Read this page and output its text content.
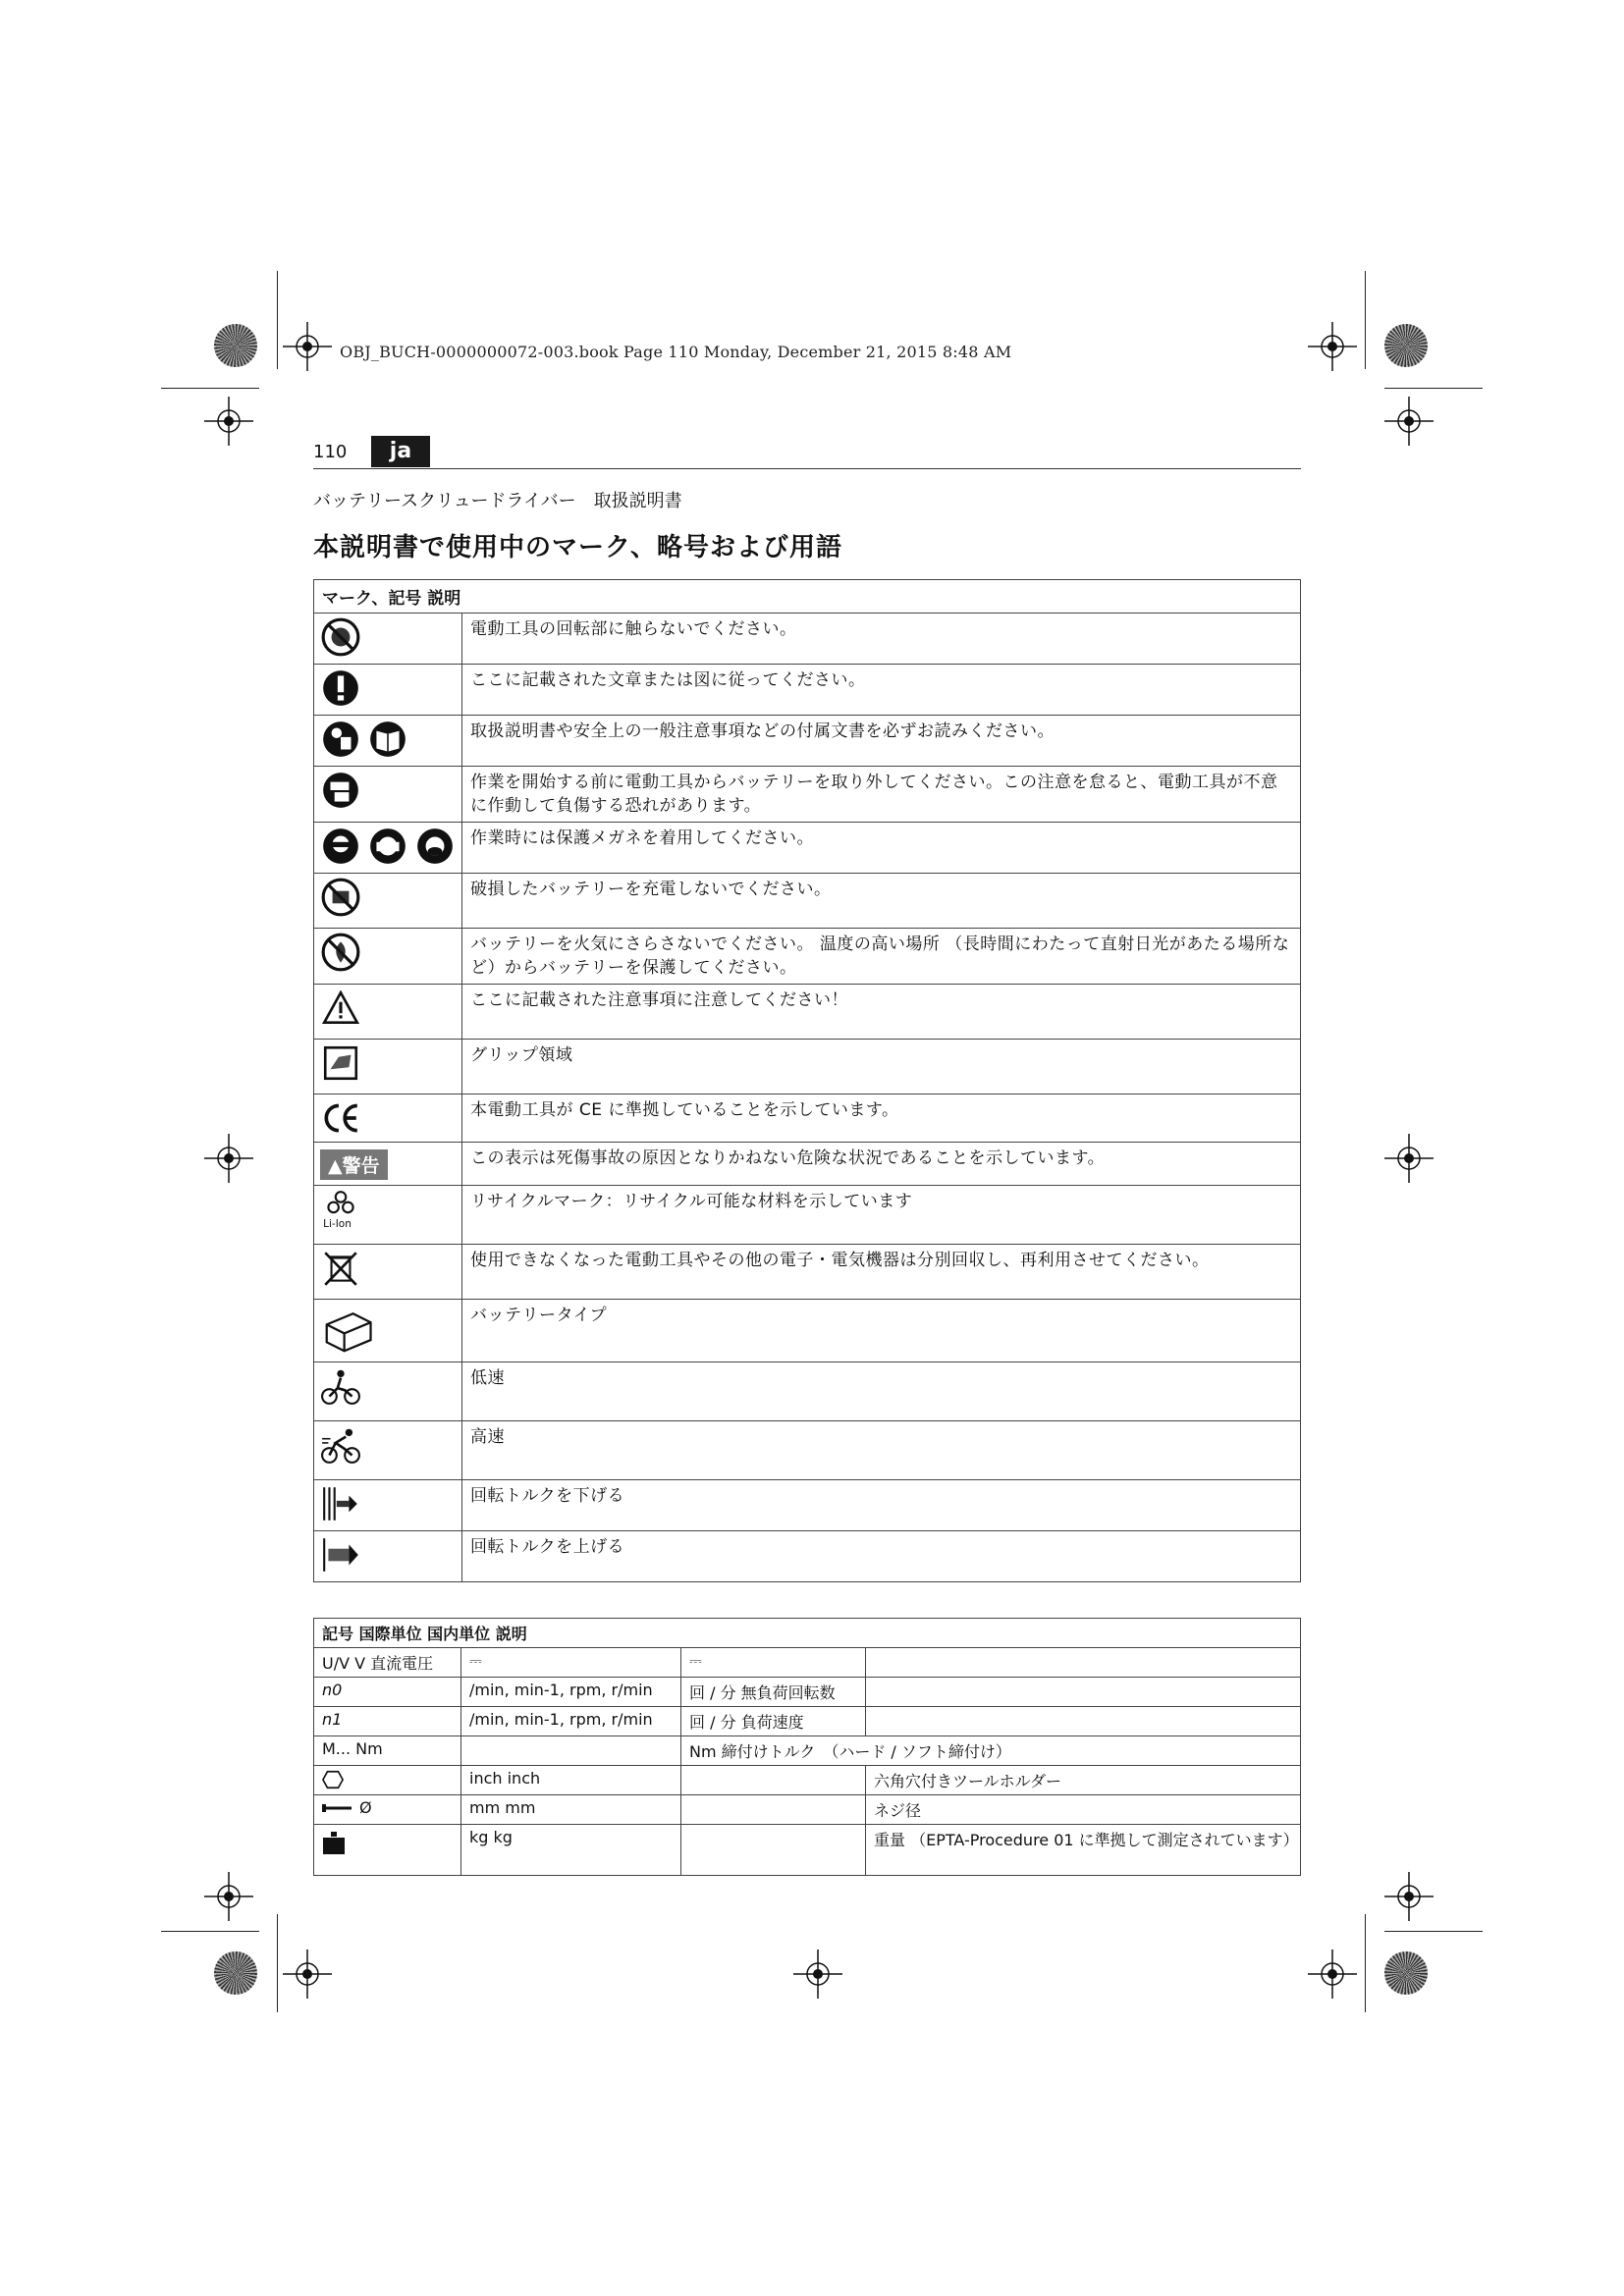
OBJ_BUCH-0000000072-003.book Page 110 Monday, December 21, 2015 8:48 AM
110	ja
バッテリースクリュードライバー　取扱説明書
本説明書で使用中のマーク、略号および用語
マーク、記号 説明	

	電動工具の回転部に触らないでください。

	ここに記載された文章または図に従ってください。

	取扱説明書や安全上の一般注意事項などの付属文書を必ずお読みください。

	作業を開始する前に電動工具からバッテリーを取り外してください。この注意を怠ると、電動工具が不意に作動して負傷する恐れがあります。

	作業時には保護メガネを着用してください。

	破損したバッテリーを充電しないでください。

	バッテリーを火気にさらさないでください。 温度の高い場所 （長時間にわたって直射日光があたる場所など）からバッテリーを保護してください。

	ここに記載された注意事項に注意してください！

	グリップ領域

	本電動工具が CE に準拠していることを示しています。
▲警告	この表示は死傷事故の原因となりかねない危険な状況であることを示しています。

Li-Ion	リサイクルマーク：リサイクル可能な材料を示しています

	使用できなくなった電動工具やその他の電子・電気機器は分別回収し、再利用させてください。

	バッテリータイプ

	低速

	高速

	回転トルクを下げる

	回転トルクを上げる
記号 国際単位 国内単位 説明			
U/V V 直流電圧	⎓	⎓	
n0	/min, min-1, rpm, r/min	回 / 分 無負荷回転数	
n1	/min, min-1, rpm, r/min	回 / 分 負荷速度	
M... Nm		Nm 締付けトルク　（ハード / ソフト締付け）	

	inch inch		六角穴付きツールホルダー

Ø	mm mm		ネジ径

	kg kg		重量 （EPTA-Procedure 01 に準拠して測定されています）
